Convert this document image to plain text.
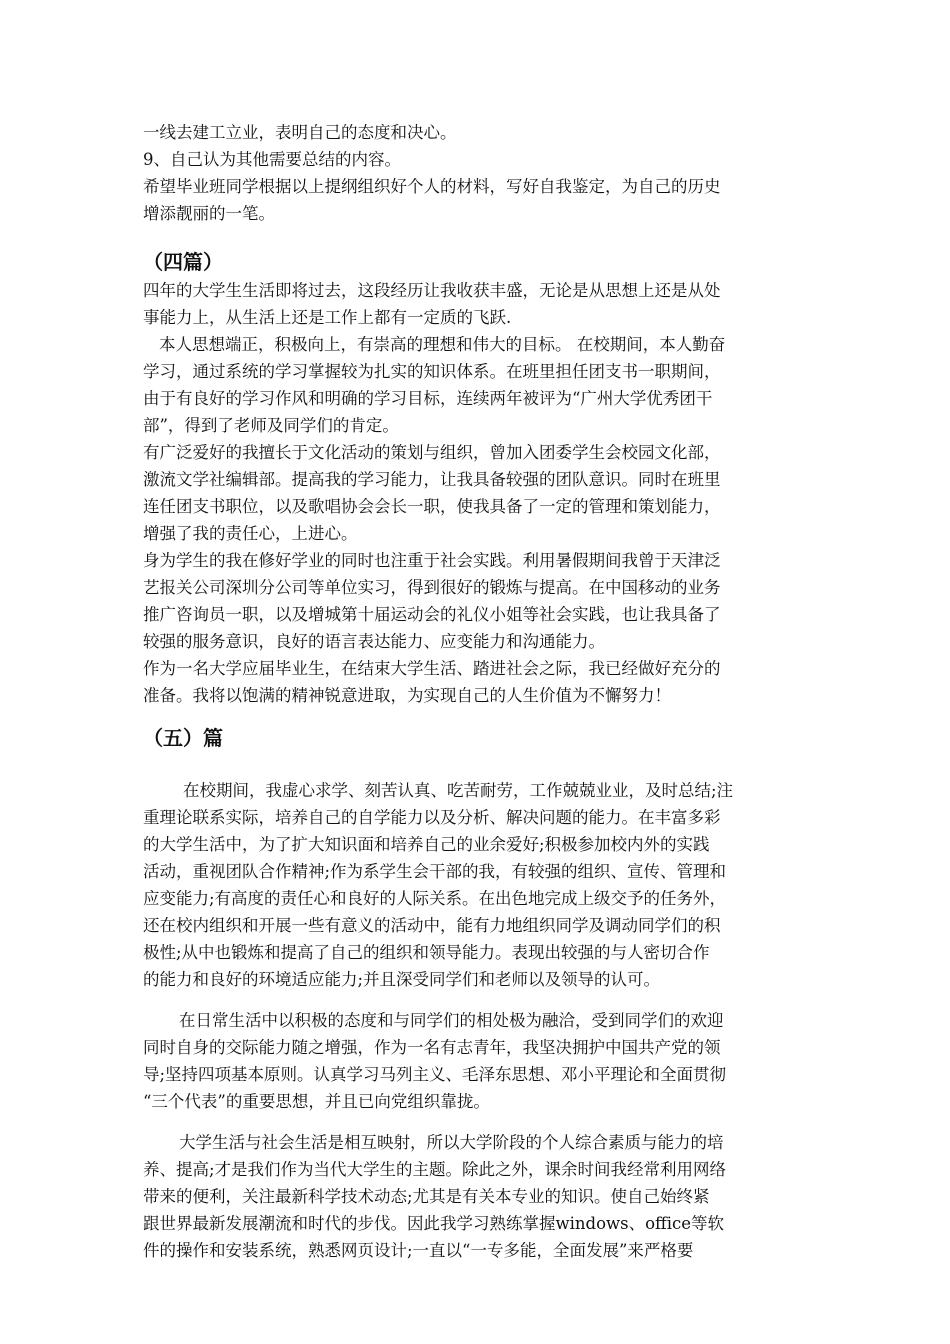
一线去建工立业，表明自己的态度和决心。
9、自己认为其他需要总结的内容。
希望毕业班同学根据以上提纲组织好个人的材料，写好自我鉴定，为自己的历史
增添靓丽的一笔。
（四篇）
四年的大学生生活即将过去，这段经历让我收获丰盛，无论是从思想上还是从处
事能力上，从生活上还是工作上都有一定质的飞跃.
本人思想端正，积极向上，有崇高的理想和伟大的目标。 在校期间，本人勤奋
学习，通过系统的学习掌握较为扎实的知识体系。在班里担任团支书一职期间，
由于有良好的学习作风和明确的学习目标，连续两年被评为“广州大学优秀团干
部”，得到了老师及同学们的肯定。
有广泛爱好的我擅长于文化活动的策划与组织，曾加入团委学生会校园文化部，
激流文学社编辑部。提高我的学习能力，让我具备较强的团队意识。同时在班里
连任团支书职位，以及歌唱协会会长一职，使我具备了一定的管理和策划能力，
增强了我的责任心，上进心。
身为学生的我在修好学业的同时也注重于社会实践。利用暑假期间我曾于天津泛
艺报关公司深圳分公司等单位实习，得到很好的锻炼与提高。在中国移动的业务
推广咨询员一职，以及增城第十届运动会的礼仪小姐等社会实践，也让我具备了
较强的服务意识，良好的语言表达能力、应变能力和沟通能力。
作为一名大学应届毕业生，在结束大学生活、踏进社会之际，我已经做好充分的
准备。我将以饱满的精神锐意进取，为实现自己的人生价值为不懈努力！
（五）篇
在校期间，我虚心求学、刻苦认真、吃苦耐劳，工作兢兢业业，及时总结;注
重理论联系实际，培养自己的自学能力以及分析、解决问题的能力。在丰富多彩
的大学生活中，为了扩大知识面和培养自己的业余爱好;积极参加校内外的实践
活动，重视团队合作精神;作为系学生会干部的我，有较强的组织、宣传、管理和
应变能力;有高度的责任心和良好的人际关系。在出色地完成上级交予的任务外，
还在校内组织和开展一些有意义的活动中，能有力地组织同学及调动同学们的积
极性;从中也锻炼和提高了自己的组织和领导能力。表现出较强的与人密切合作
的能力和良好的环境适应能力;并且深受同学们和老师以及领导的认可。
在日常生活中以积极的态度和与同学们的相处极为融洽，受到同学们的欢迎
同时自身的交际能力随之增强，作为一名有志青年，我坚决拥护中国共产党的领
导;坚持四项基本原则。认真学习马列主义、毛泽东思想、邓小平理论和全面贯彻
“三个代表”的重要思想，并且已向党组织靠拢。
大学生活与社会生活是相互映射，所以大学阶段的个人综合素质与能力的培
养、提高;才是我们作为当代大学生的主题。除此之外，课余时间我经常利用网络
带来的便利，关注最新科学技术动态;尤其是有关本专业的知识。使自己始终紧
跟世界最新发展潮流和时代的步伐。因此我学习熟练掌握windows、office等软
件的操作和安装系统，熟悉网页设计;一直以“一专多能，全面发展”来严格要
